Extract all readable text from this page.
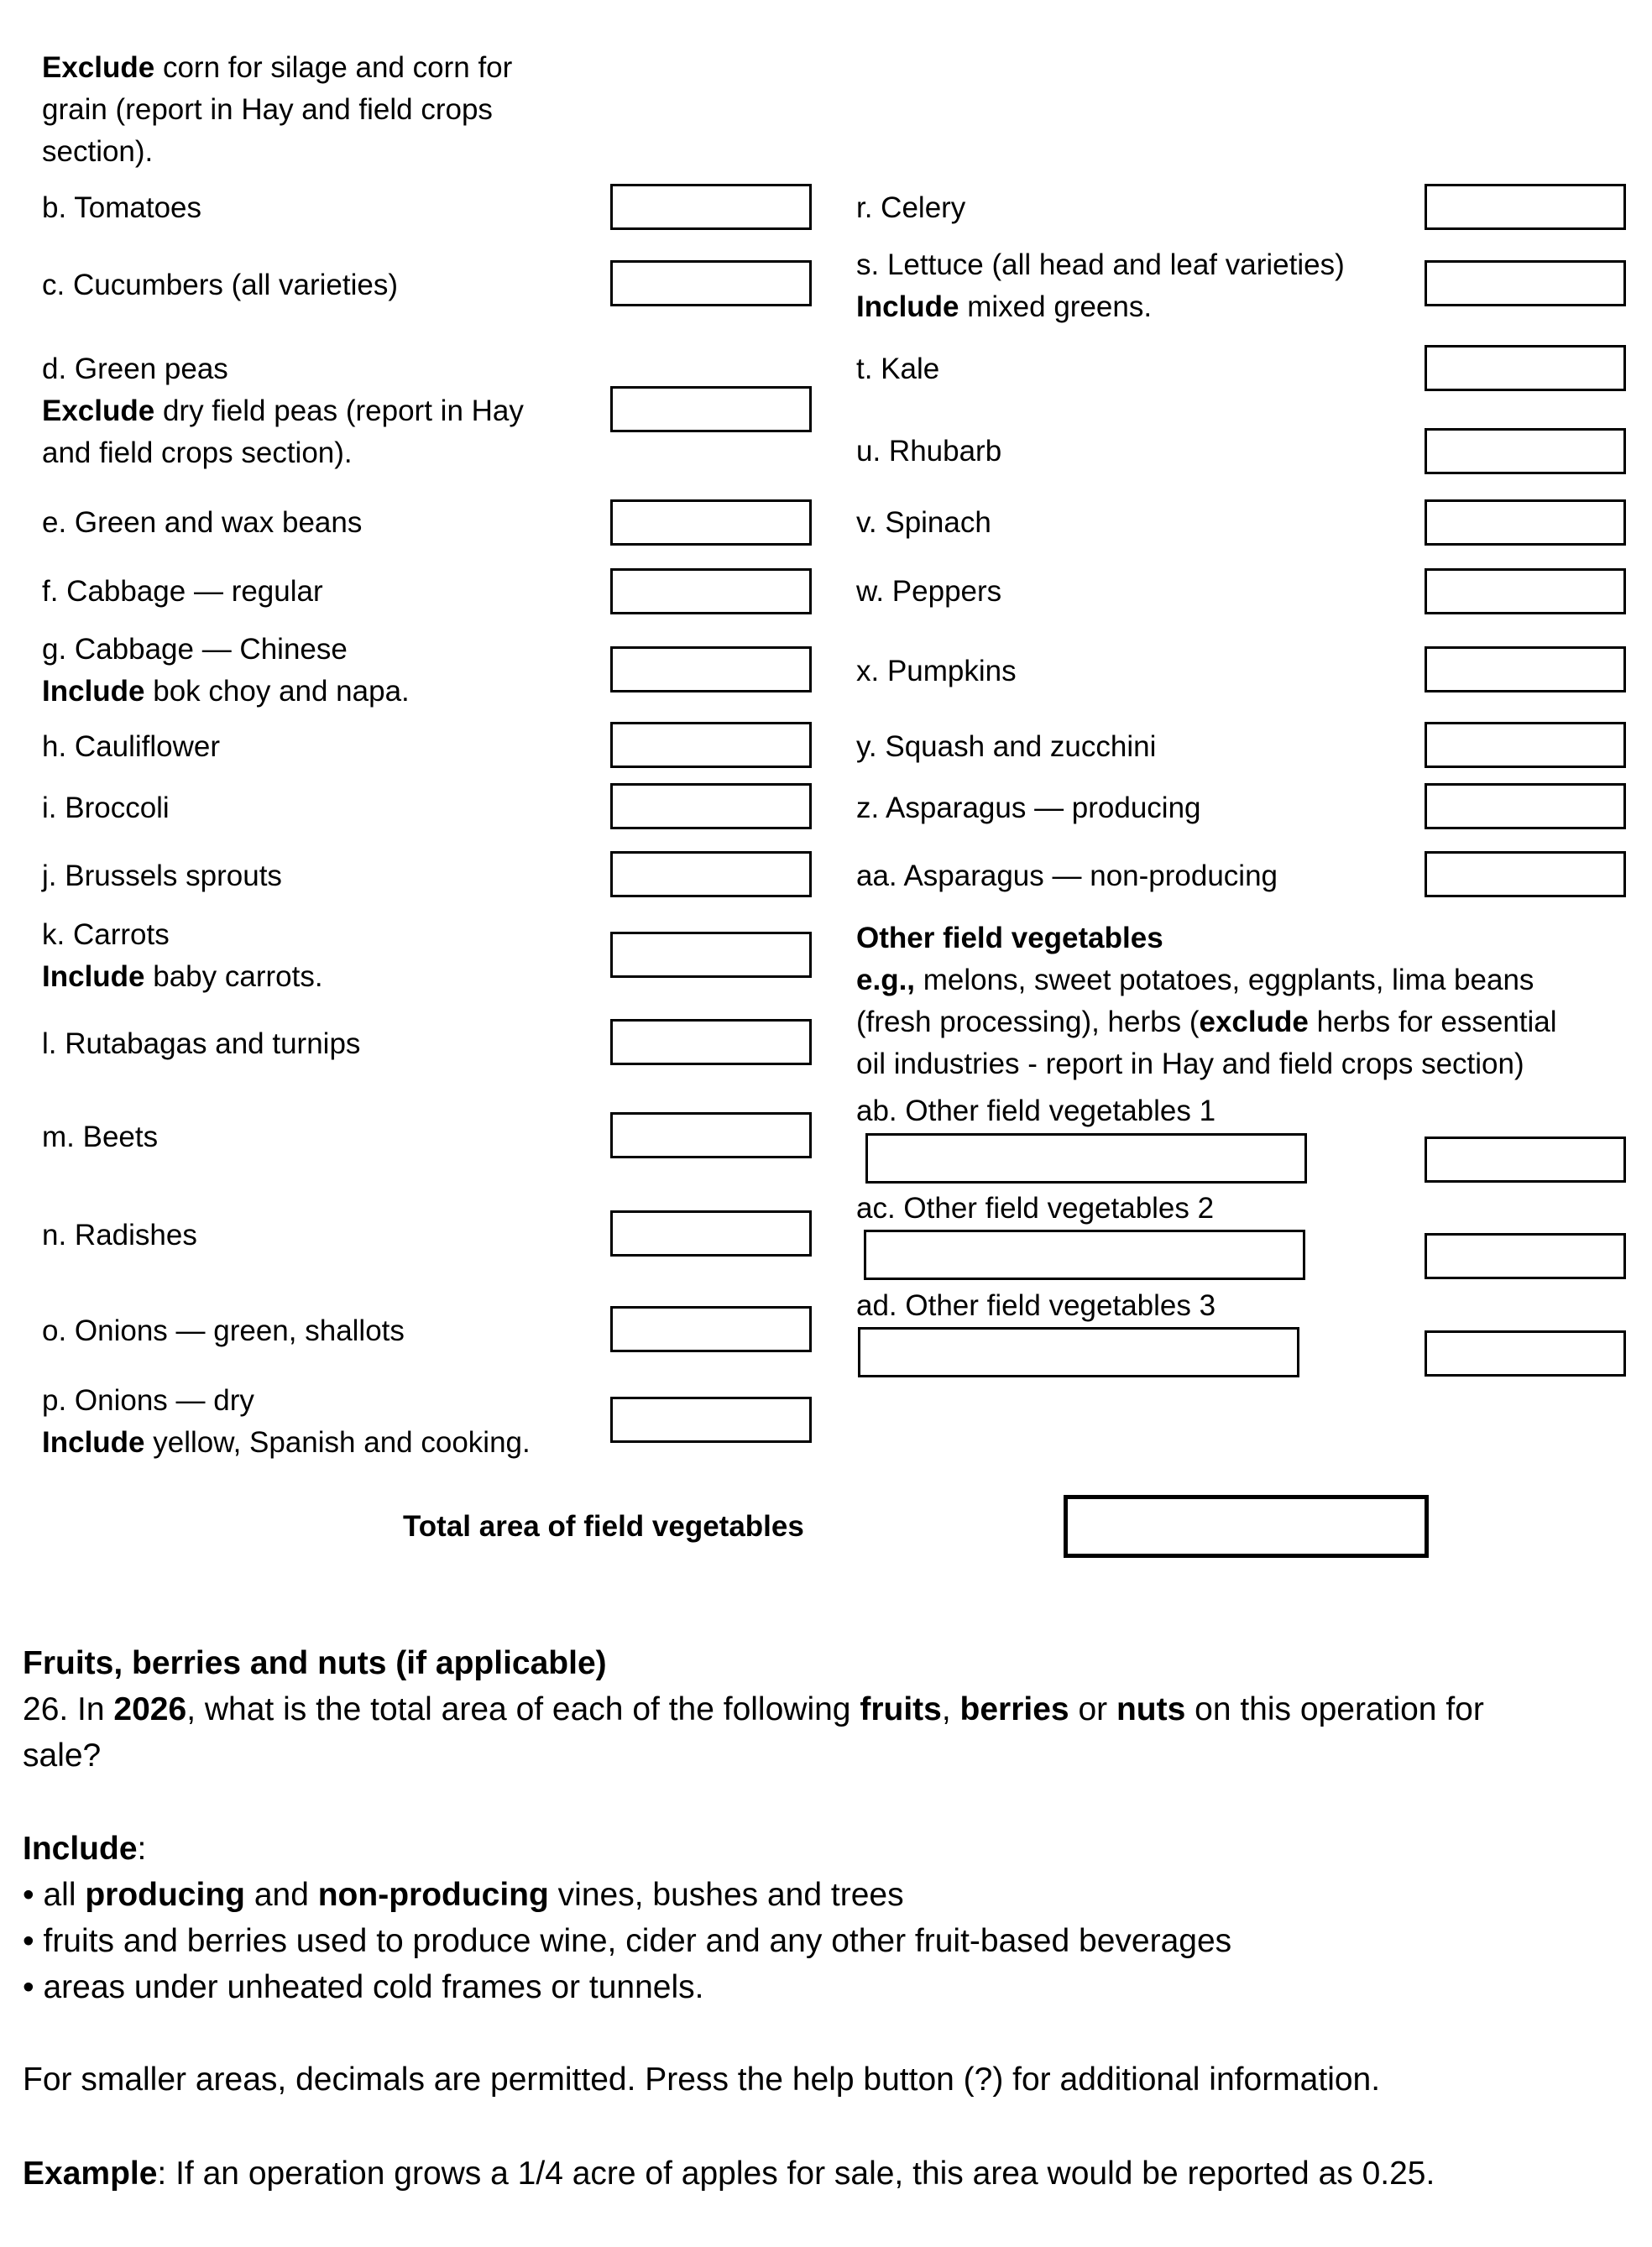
Exclude corn for silage and corn for
grain (report in Hay and field crops
section).
b. Tomatoes
c. Cucumbers (all varieties)
d. Green peas
Exclude dry field peas (report in Hay
and field crops section).
e. Green and wax beans
f. Cabbage — regular
g. Cabbage — Chinese
Include bok choy and napa.
h. Cauliflower
i. Broccoli
j. Brussels sprouts
k. Carrots
Include baby carrots.
l. Rutabagas and turnips
m. Beets
n. Radishes
o. Onions — green, shallots
p. Onions — dry
Include yellow, Spanish and cooking.
r. Celery
s. Lettuce (all head and leaf varieties)
Include mixed greens.
t. Kale
u. Rhubarb
v. Spinach
w. Peppers
x. Pumpkins
y. Squash and zucchini
z. Asparagus — producing
aa. Asparagus — non-producing
Other field vegetables
e.g., melons, sweet potatoes, eggplants, lima beans
(fresh processing), herbs (exclude herbs for essential
oil industries - report in Hay and field crops section)
ab. Other field vegetables 1
ac. Other field vegetables 2
ad. Other field vegetables 3
Total area of field vegetables
Fruits, berries and nuts (if applicable)
26. In 2026, what is the total area of each of the following fruits, berries or nuts on this operation for
sale?
Include:
• all producing and non-producing vines, bushes and trees
• fruits and berries used to produce wine, cider and any other fruit-based beverages
• areas under unheated cold frames or tunnels.
For smaller areas, decimals are permitted. Press the help button (?) for additional information.
Example: If an operation grows a 1/4 acre of apples for sale, this area would be reported as 0.25.
